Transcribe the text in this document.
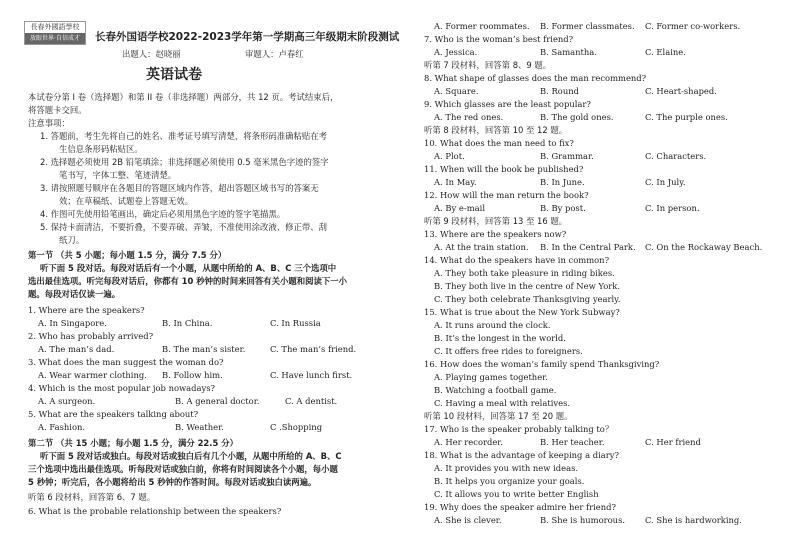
長春外國語學校
放眼世界·自信成才	长春外国语学校2022-2023学年第一学期高三年级期末阶段测试
出题人：赵晓丽	审题人：卢春红
英语试卷
本试卷分第 I 卷（选择题）和第 II 卷（非选择题）两部分，共 12 页。考试结束后，
将答题卡交回。
注意事项：
1. 答题前，考生先将自己的姓名、准考证号填写清楚，将条形码准确粘贴在考
生信息条形码粘贴区。
2. 选择题必须使用 2B 铅笔填涂；非选择题必须使用 0.5 毫米黑色字迹的签字
笔书写，字体工整、笔迹清楚。
3. 请按照题号顺序在各题目的答题区域内作答，超出答题区域书写的答案无
效；在草稿纸、试题卷上答题无效。
4. 作图可先使用铅笔画出，确定后必须用黑色字迹的签字笔描黑。
5. 保持卡面清洁，不要折叠，不要弄破、弄皱，不准使用涂改液、修正带、刮
纸刀。
第一节 （共 5 小题；每小题 1.5 分，满分 7.5 分）
听下面 5 段对话。每段对话后有一个小题，从题中所给的 A、B、C 三个选项中
选出最佳选项。听完每段对话后，你都有 10 秒钟的时间来回答有关小题和阅读下一小
题。每段对话仅读一遍。
1. Where are the speakers?
A. In Singapore.	B. In China.	C. In Russia
2. Who has probably arrived?
A. The man’s dad.	B. The man’s sister.	C. The man’s friend.
3. What does the man suggest the woman do?
A. Wear warmer clothing. B. Follow him.	C. Have lunch first.
4. Which is the most popular job nowadays?
A. A surgeon.	B. A general doctor.	C. A dentist.
5. What are the speakers talking about?
A. Fashion.	B. Weather.	C .Shopping
第二节 （共 15 小题；每小题 1.5 分，满分 22.5 分）
听下面 5 段对话或独白。每段对话或独白后有几个小题，从题中所给的 A、B、C
三个选项中选出最佳选项。听每段对话或独白前，你将有时间阅读各个小题，每小题
5 秒钟；听完后，各小题将给出 5 秒钟的作答时间。每段对话或独白读两遍。
听第 6 段材料，回答第 6、7 题。
6. What is the probable relationship between the speakers?
A. Former roommates. B. Former classmates. C. Former co-workers.
7. Who is the woman’s best friend?
A. Jessica.	B. Samantha.	C. Elaine.
听第 7 段材料，回答第 8、9 题。
8. What shape of glasses does the man recommend?
A. Square.	B. Round	C. Heart-shaped.
9. Which glasses are the least popular?
A. The red ones.	B. The gold ones.	C. The purple ones.
听第 8 段材料，回答第 10 至 12 题。
10. What does the man need to fix?
A. Plot.	B. Grammar.	C. Characters.
11. When will the book be published?
A. In May.	B. In June.	C. In July.
12. How will the man return the book?
A. By e-mail	B. By post.	C. In person.
听第 9 段材料，回答第 13 至 16 题。
13. Where are the speakers now?
A. At the train station. B. In the Central Park. C. On the Rockaway Beach.
14. What do the speakers have in common?
A. They both take pleasure in riding bikes.
B. They both live in the centre of New York.
C. They both celebrate Thanksgiving yearly.
15. What is true about the New York Subway?
A. It runs around the clock.
B. It’s the longest in the world.
C. It offers free rides to foreigners.
16. How does the woman’s family spend Thanksgiving?
A. Playing games together.
B. Watching a football game.
C. Having a meal with relatives.
听第 10 段材料，回答第 17 至 20 题。
17. Who is the speaker probably talking to？
A. Her recorder.	B. Her teacher.	C. Her friend
18. What is the advantage of keeping a diary?
A. It provides you with new ideas.
B. It helps you organize your goals.
C. It allows you to write better English
19. Why does the speaker admire her friend?
A. She is clever.	B. She is humorous. C. She is hardworking.
